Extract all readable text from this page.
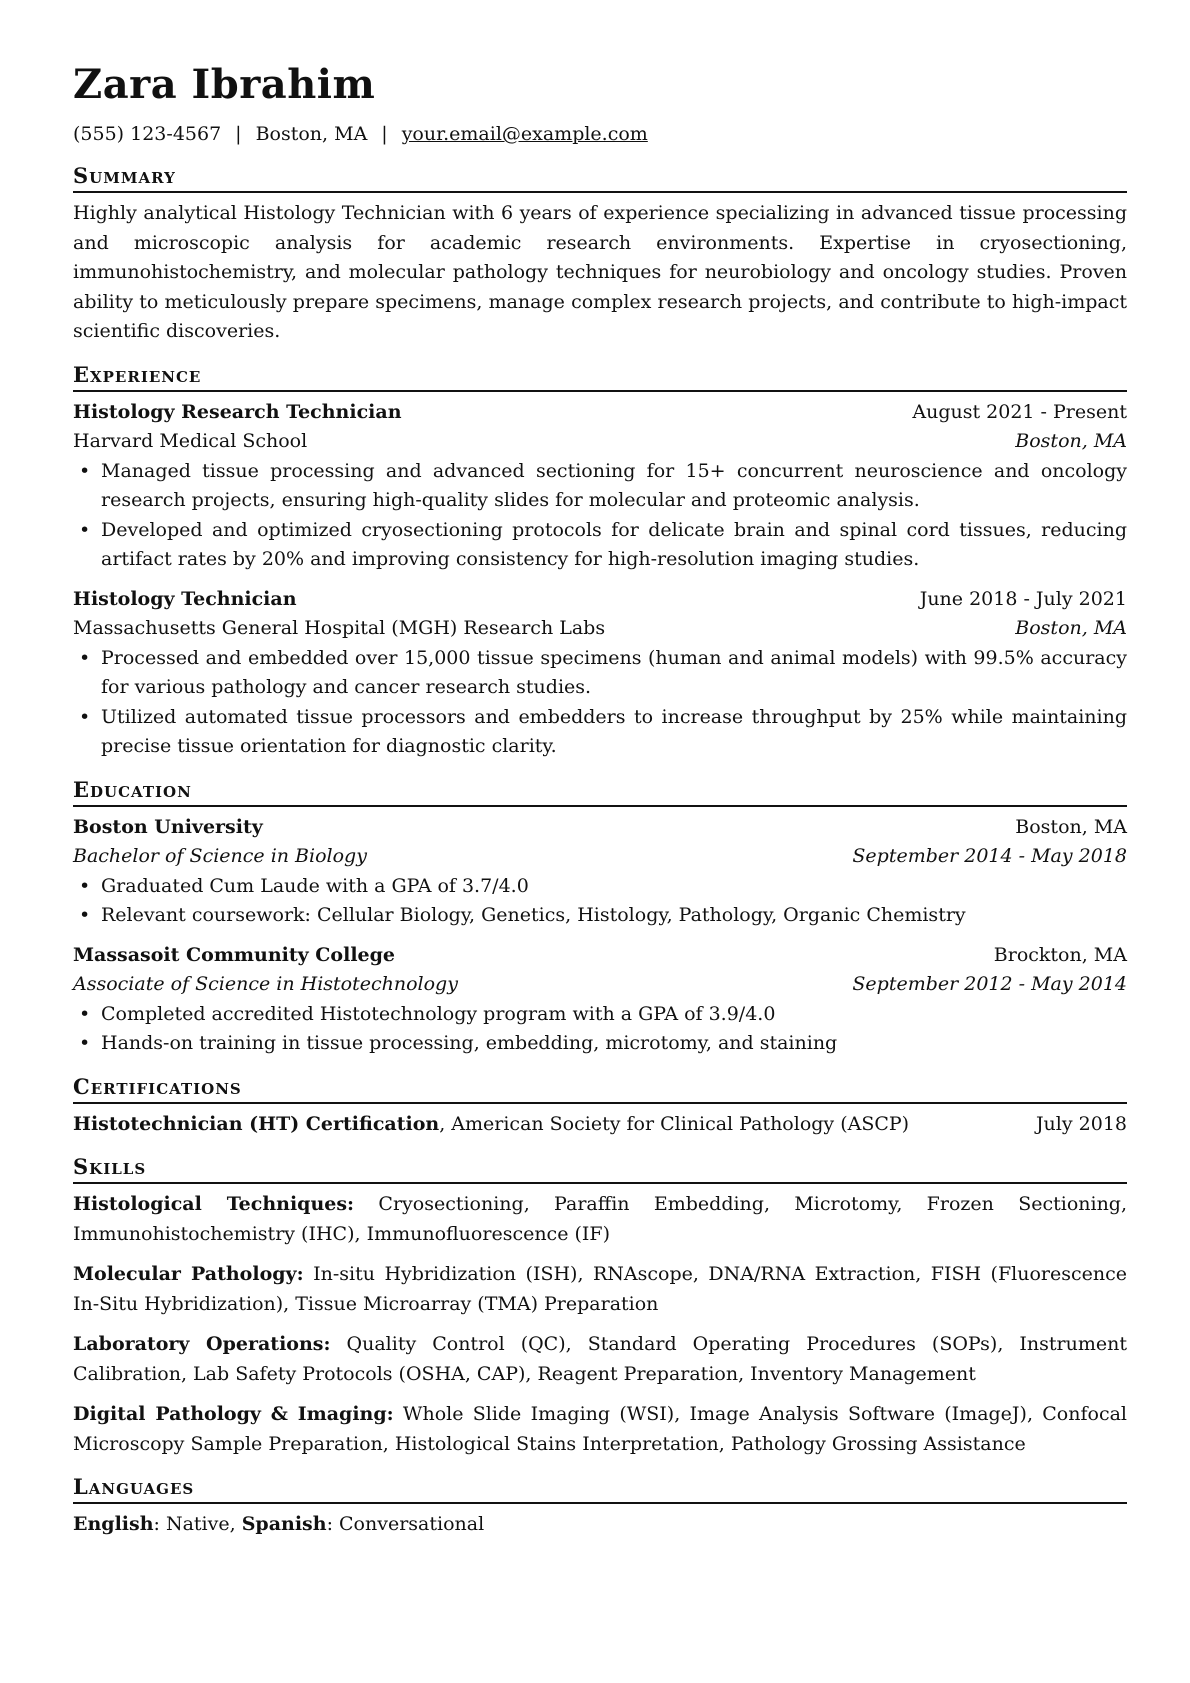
Zara Ibrahim
(555) 123-4567 | Boston, MA | your.email@example.com
Summary
Highly analytical Histology Technician with 6 years of experience specializing in advanced tissue processing and microscopic analysis for academic research environments. Expertise in cryosectioning, immunohistochemistry, and molecular pathology techniques for neurobiology and oncology studies. Proven ability to meticulously prepare specimens, manage complex research projects, and contribute to high-impact scientific discoveries.
Experience
Histology Research Technician	August 2021 - Present
Harvard Medical School	Boston, MA
• Managed tissue processing and advanced sectioning for 15+ concurrent neuroscience and oncology research projects, ensuring high-quality slides for molecular and proteomic analysis.
• Developed and optimized cryosectioning protocols for delicate brain and spinal cord tissues, reducing artifact rates by 20% and improving consistency for high-resolution imaging studies.
Histology Technician	June 2018 - July 2021
Massachusetts General Hospital (MGH) Research Labs	Boston, MA
• Processed and embedded over 15,000 tissue specimens (human and animal models) with 99.5% accuracy for various pathology and cancer research studies.
• Utilized automated tissue processors and embedders to increase throughput by 25% while maintaining precise tissue orientation for diagnostic clarity.
Education
Boston University	Boston, MA
Bachelor of Science in Biology	September 2014 - May 2018
• Graduated Cum Laude with a GPA of 3.7/4.0
• Relevant coursework: Cellular Biology, Genetics, Histology, Pathology, Organic Chemistry
Massasoit Community College	Brockton, MA
Associate of Science in Histotechnology	September 2012 - May 2014
• Completed accredited Histotechnology program with a GPA of 3.9/4.0
• Hands-on training in tissue processing, embedding, microtomy, and staining
Certifications
Histotechnician (HT) Certification, American Society for Clinical Pathology (ASCP)	July 2018
Skills
Histological Techniques: Cryosectioning, Paraffin Embedding, Microtomy, Frozen Sectioning, Immunohistochemistry (IHC), Immunofluorescence (IF)
Molecular Pathology: In-situ Hybridization (ISH), RNAscope, DNA/RNA Extraction, FISH (Fluorescence In-Situ Hybridization), Tissue Microarray (TMA) Preparation
Laboratory Operations: Quality Control (QC), Standard Operating Procedures (SOPs), Instrument Calibration, Lab Safety Protocols (OSHA, CAP), Reagent Preparation, Inventory Management
Digital Pathology & Imaging: Whole Slide Imaging (WSI), Image Analysis Software (ImageJ), Confocal Microscopy Sample Preparation, Histological Stains Interpretation, Pathology Grossing Assistance
Languages
English: Native, Spanish: Conversational
